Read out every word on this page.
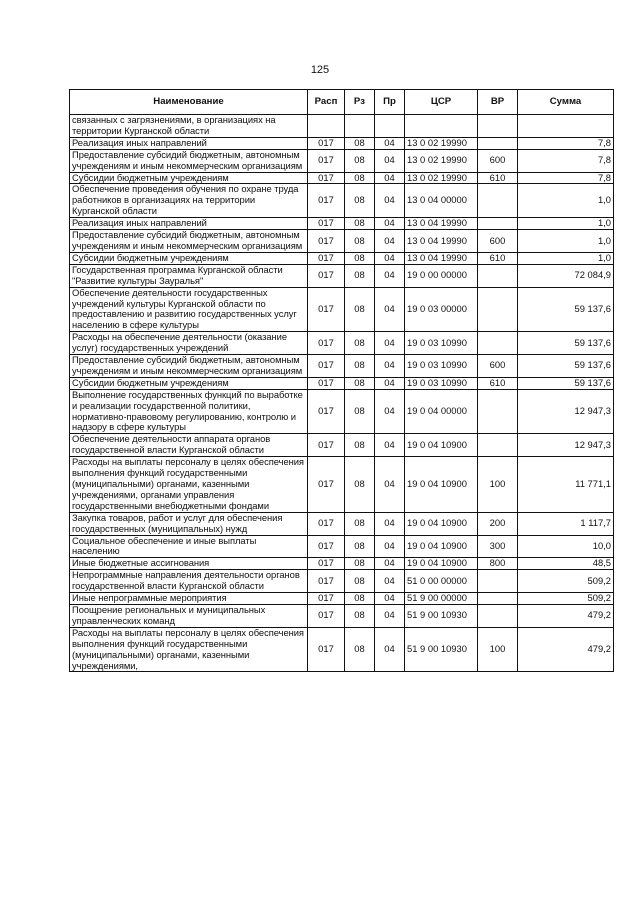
125
Наименование	Расп	Рз	Пр	ЦСР	ВР	Сумма
связанных с загрязнениями, в организациях на территории Курганской области						
Реализация иных направлений	017	08	04	13 0 02 19990		7,8
Предоставление субсидий бюджетным, автономным учреждениям и иным некоммерческим организациям	017	08	04	13 0 02 19990	600	7,8
Субсидии бюджетным учреждениям	017	08	04	13 0 02 19990	610	7,8
Обеспечение проведения обучения по охране труда работников в организациях на территории Курганской области	017	08	04	13 0 04 00000		1,0
Реализация иных направлений	017	08	04	13 0 04 19990		1,0
Предоставление субсидий бюджетным, автономным учреждениям и иным некоммерческим организациям	017	08	04	13 0 04 19990	600	1,0
Субсидии бюджетным учреждениям	017	08	04	13 0 04 19990	610	1,0
Государственная программа Курганской области "Развитие культуры Зауралья"	017	08	04	19 0 00 00000		72 084,9
Обеспечение деятельности государственных учреждений культуры Курганской области по предоставлению и развитию государственных услуг населению в сфере культуры	017	08	04	19 0 03 00000		59 137,6
Расходы на обеспечение деятельности (оказание услуг) государственных учреждений	017	08	04	19 0 03 10990		59 137,6
Предоставление субсидий бюджетным, автономным учреждениям и иным некоммерческим организациям	017	08	04	19 0 03 10990	600	59 137,6
Субсидии бюджетным учреждениям	017	08	04	19 0 03 10990	610	59 137,6
Выполнение государственных функций по выработке и реализации государственной политики, нормативно-правовому регулированию, контролю и надзору в сфере культуры	017	08	04	19 0 04 00000		12 947,3
Обеспечение деятельности аппарата органов государственной власти Курганской области	017	08	04	19 0 04 10900		12 947,3
Расходы на выплаты персоналу в целях обеспечения выполнения функций государственными (муниципальными) органами, казенными учреждениями, органами управления государственными внебюджетными фондами	017	08	04	19 0 04 10900	100	11 771,1
Закупка товаров, работ и услуг для обеспечения государственных (муниципальных) нужд	017	08	04	19 0 04 10900	200	1 117,7
Социальное обеспечение и иные выплаты населению	017	08	04	19 0 04 10900	300	10,0
Иные бюджетные ассигнования	017	08	04	19 0 04 10900	800	48,5
Непрограммные направления деятельности органов государственной власти Курганской области	017	08	04	51 0 00 00000		509,2
Иные непрограммные мероприятия	017	08	04	51 9 00 00000		509,2
Поощрение региональных и муниципальных управленческих команд	017	08	04	51 9 00 10930		479,2
Расходы на выплаты персоналу в целях обеспечения выполнения функций государственными (муниципальными) органами, казенными учреждениями,	017	08	04	51 9 00 10930	100	479,2
